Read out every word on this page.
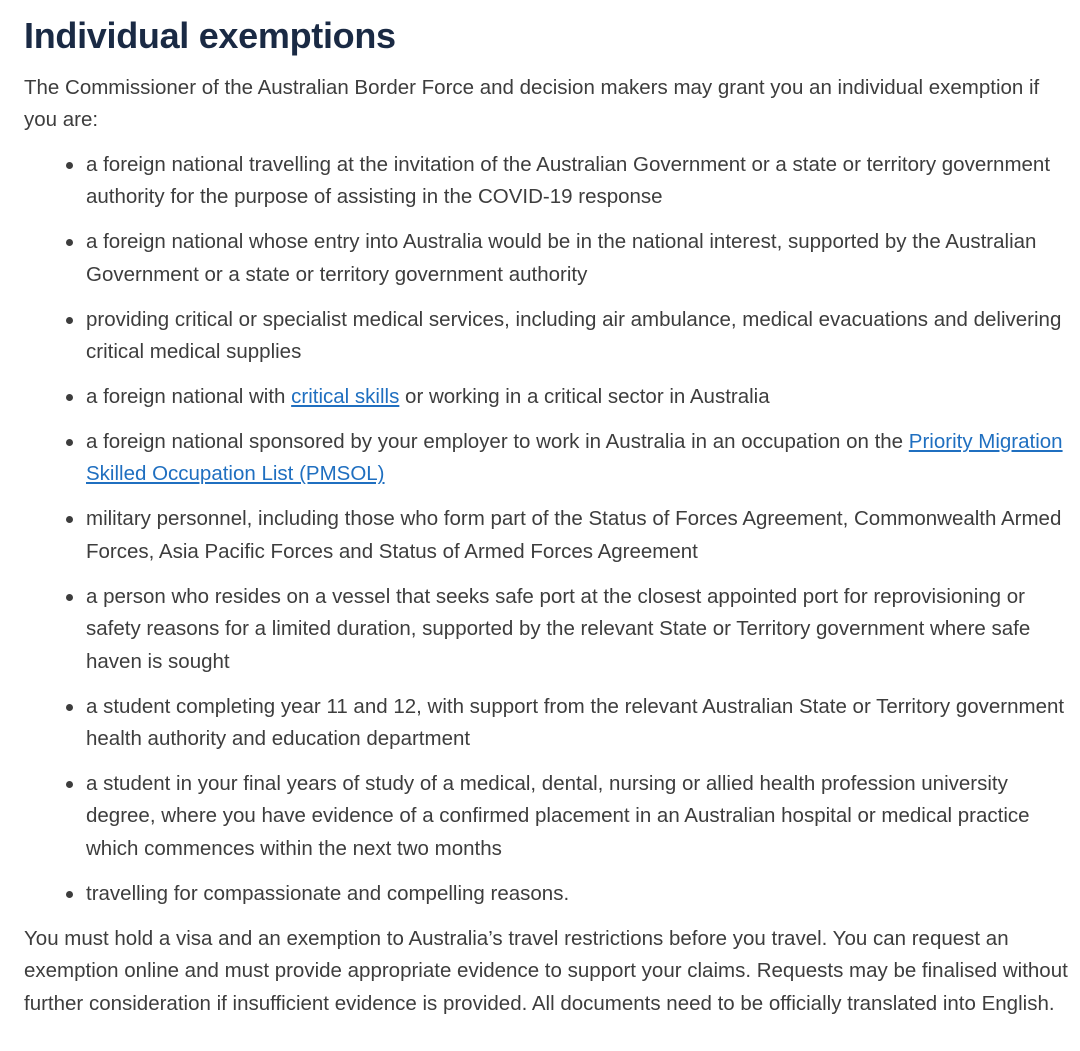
Individual exemptions

The Commissioner of the Australian Border Force and decision makers may grant you an individual exemption if you are:

a foreign national travelling at the invitation of the Australian Government or a state or territory government authority for the purpose of assisting in the COVID-19 response
a foreign national whose entry into Australia would be in the national interest, supported by the Australian Government or a state or territory government authority
providing critical or specialist medical services, including air ambulance, medical evacuations and delivering critical medical supplies
a foreign national with critical skills or working in a critical sector in Australia
a foreign national sponsored by your employer to work in Australia in an occupation on the Priority Migration Skilled Occupation List (PMSOL)
military personnel, including those who form part of the Status of Forces Agreement, Commonwealth Armed Forces, Asia Pacific Forces and Status of Armed Forces Agreement
a person who resides on a vessel that seeks safe port at the closest appointed port for reprovisioning or safety reasons for a limited duration, supported by the relevant State or Territory government where safe haven is sought
a student completing year 11 and 12, with support from the relevant Australian State or Territory government health authority and education department
a student in your final years of study of a medical, dental, nursing or allied health profession university degree, where you have evidence of a confirmed placement in an Australian hospital or medical practice which commences within the next two months
travelling for compassionate and compelling reasons.

You must hold a visa and an exemption to Australia’s travel restrictions before you travel. You can request an exemption online and must provide appropriate evidence to support your claims. Requests may be finalised without further consideration if insufficient evidence is provided. All documents need to be officially translated into English.
